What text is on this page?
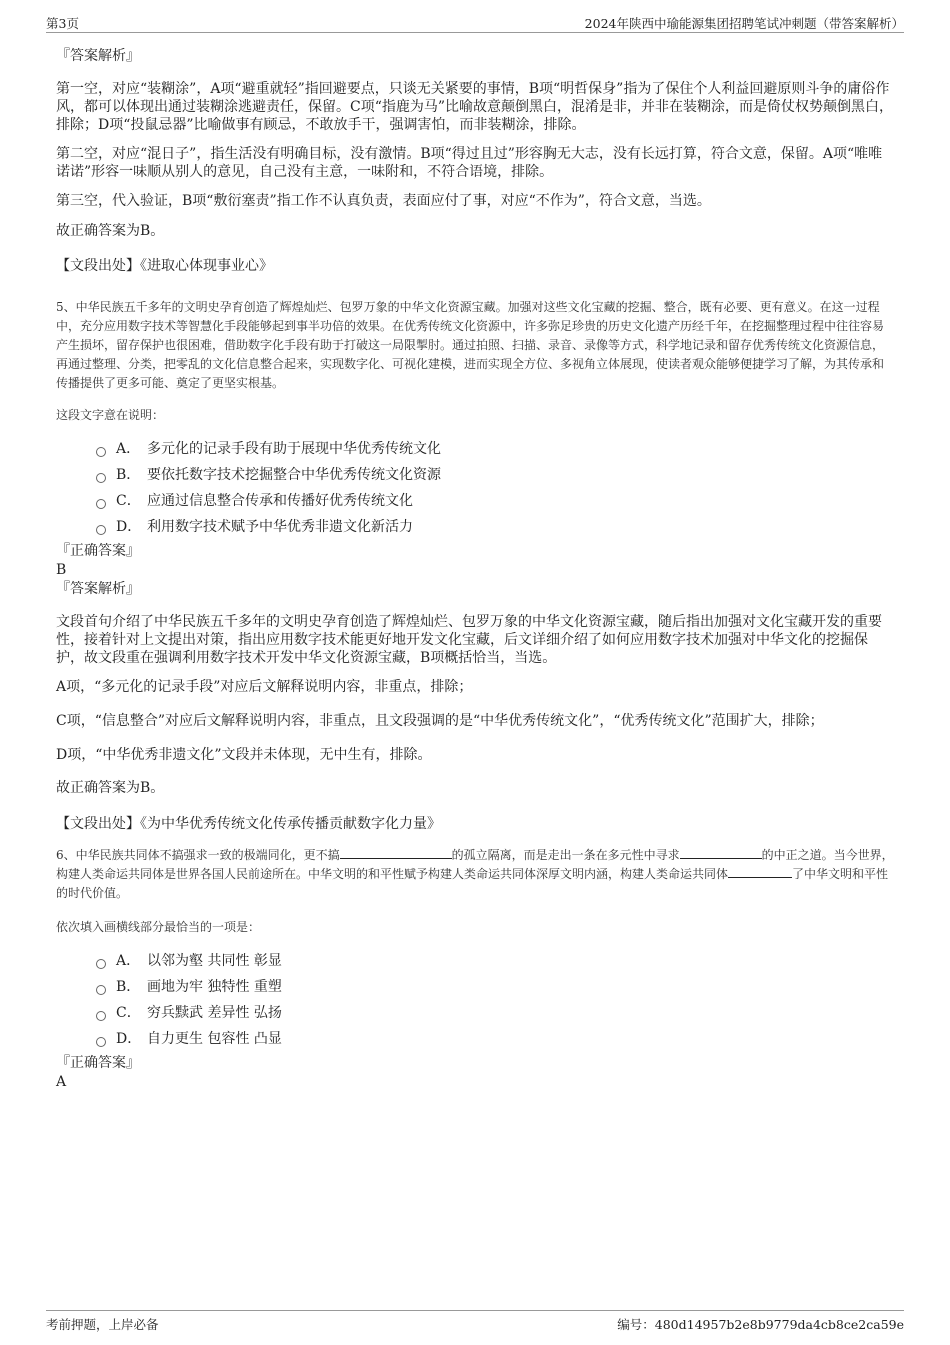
第3页	2024年陕西中瑜能源集团招聘笔试冲刺题（带答案解析）

『答案解析』

第一空，对应“装糊涂”，A项“避重就轻”指回避要点，只谈无关紧要的事情，B项“明哲保身”指为了保住个人利益回避原则斗争的庸俗作风，都可以体现出通过装糊涂逃避责任，保留。C项“指鹿为马”比喻故意颠倒黑白，混淆是非，并非在装糊涂，而是倚仗权势颠倒黑白，排除；D项“投鼠忌器”比喻做事有顾忌，不敢放手干，强调害怕，而非装糊涂，排除。

第二空，对应“混日子”，指生活没有明确目标，没有激情。B项“得过且过”形容胸无大志，没有长远打算，符合文意，保留。A项“唯唯诺诺”形容一味顺从别人的意见，自己没有主意，一味附和，不符合语境，排除。

第三空，代入验证，B项“敷衍塞责”指工作不认真负责，表面应付了事，对应“不作为”，符合文意，当选。

故正确答案为B。

【文段出处】《进取心体现事业心》

5、中华民族五千多年的文明史孕育创造了辉煌灿烂、包罗万象的中华文化资源宝藏。加强对这些文化宝藏的挖掘、整合，既有必要、更有意义。在这一过程中，充分应用数字技术等智慧化手段能够起到事半功倍的效果。在优秀传统文化资源中，许多弥足珍贵的历史文化遗产历经千年，在挖掘整理过程中往往容易产生损坏，留存保护也很困难，借助数字化手段有助于打破这一局限掣肘。通过拍照、扫描、录音、录像等方式，科学地记录和留存优秀传统文化资源信息，再通过整理、分类，把零乱的文化信息整合起来，实现数字化、可视化建模，进而实现全方位、多视角立体展现，使读者观众能够便捷学习了解，为其传承和传播提供了更多可能、奠定了更坚实根基。

这段文字意在说明：

A． 多元化的记录手段有助于展现中华优秀传统文化
B． 要依托数字技术挖掘整合中华优秀传统文化资源
C． 应通过信息整合传承和传播好优秀传统文化
D． 利用数字技术赋予中华优秀非遗文化新活力

『正确答案』

B

『答案解析』

文段首句介绍了中华民族五千多年的文明史孕育创造了辉煌灿烂、包罗万象的中华文化资源宝藏，随后指出加强对文化宝藏开发的重要性，接着针对上文提出对策，指出应用数字技术能更好地开发文化宝藏，后文详细介绍了如何应用数字技术加强对中华文化的挖掘保护，故文段重在强调利用数字技术开发中华文化资源宝藏，B项概括恰当，当选。

A项，“多元化的记录手段”对应后文解释说明内容，非重点，排除；

C项，“信息整合”对应后文解释说明内容，非重点，且文段强调的是“中华优秀传统文化”，“优秀传统文化”范围扩大，排除；

D项，“中华优秀非遗文化”文段并未体现，无中生有，排除。

故正确答案为B。

【文段出处】《为中华优秀传统文化传承传播贡献数字化力量》

6、中华民族共同体不搞强求一致的极端同化，更不搞	的孤立隔离，而是走出一条在多元性中寻求	的中正之道。当今世界，构建人类命运共同体是世界各国人民前途所在。中华文明的和平性赋予构建人类命运共同体深厚文明内涵，构建人类命运共同体	了中华文明和平性的时代价值。

依次填入画横线部分最恰当的一项是：

A． 以邻为壑 共同性 彰显
B． 画地为牢 独特性 重塑
C． 穷兵黩武 差异性 弘扬
D． 自力更生 包容性 凸显

『正确答案』

A

考前押题，上岸必备	编号：480d14957b2e8b9779da4cb8ce2ca59e
